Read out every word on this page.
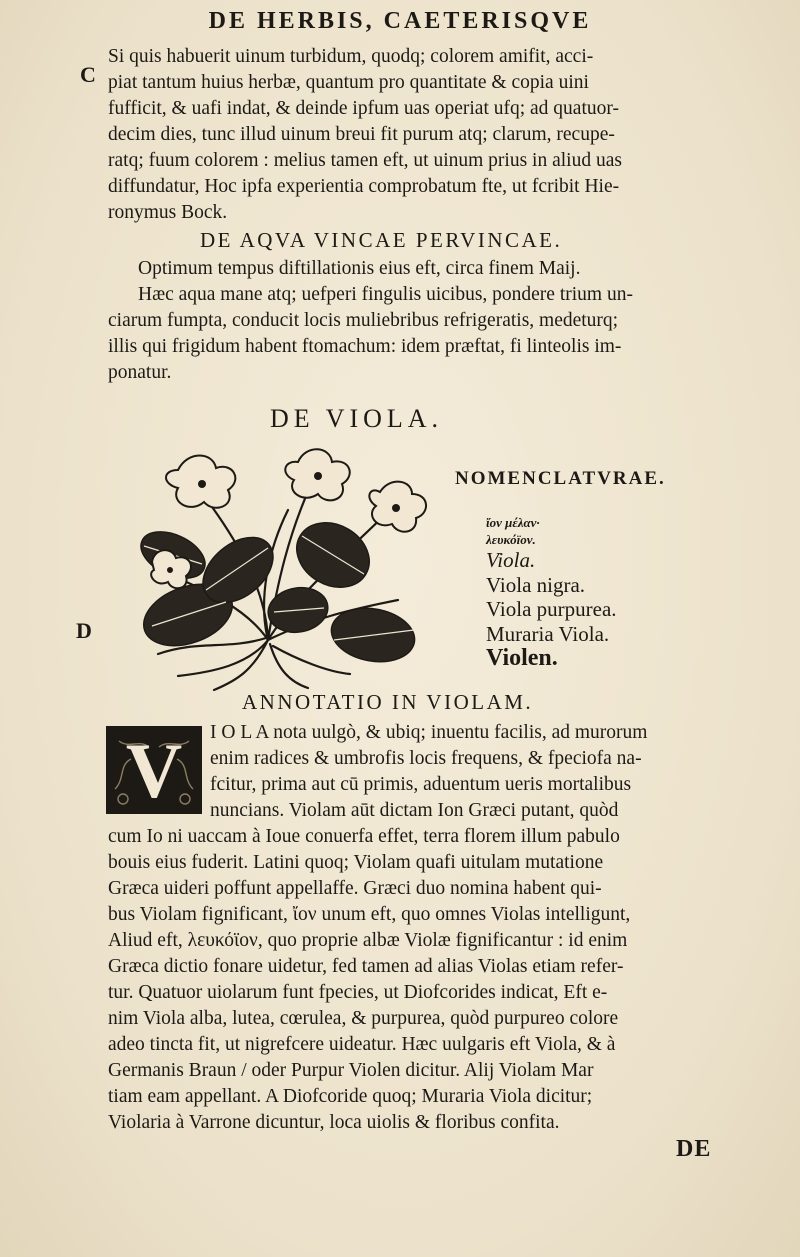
DE HERBIS, CAETERISQVE
C
Si quis habuerit uinum turbidum, quodq; colorem amifit, acci-
piat tantum huius herbæ, quantum pro quantitate & copia uini
fufficit, & uafi indat, & deinde ipfum uas operiat ufq; ad quatuor-
decim dies, tunc illud uinum breui fit purum atq; clarum, recupe-
ratq; fuum colorem : melius tamen eft, ut uinum prius in aliud uas
diffundatur, Hoc ipfa experientia comprobatum fte, ut fcribit Hie-
ronymus Bock.
DE AQVA VINCAE PERVINCAE.
Optimum tempus diftillationis eius eft, circa finem Maij.
Hæc aqua mane atq; uefperi fingulis uicibus, pondere trium un-
ciarum fumpta, conducit locis muliebribus refrigeratis, medeturq;
illis qui frigidum habent ftomachum: idem præftat, fi linteolis im-
ponatur.
DE VIOLA.
NOMENCLATVRAE.
ἴον μέλαν·
λευκόϊον.
Viola.
Viola nigra.
Viola purpurea.
Muraria Viola.
Violen.
D
ANNOTATIO IN VIOLAM.
V	I O L A nota uulgò, & ubiq; inuentu facilis, ad murorum
enim radices & umbrofis locis frequens, & fpeciofa na-
fcitur, prima aut cū primis, aduentum ueris mortalibus
nuncians. Violam aūt dictam Ion Græci putant, quòd
cum Io ni uaccam à Ioue conuerfa effet, terra florem illum pabulo
bouis eius fuderit. Latini quoq; Violam quafi uitulam mutatione
Græca uideri poffunt appellaffe. Græci duo nomina habent qui-
bus Violam fignificant, ἴον unum eft, quo omnes Violas intelligunt,
Aliud eft, λευκόϊον, quo proprie albæ Violæ fignificantur : id enim
Græca dictio fonare uidetur, fed tamen ad alias Violas etiam refer-
tur. Quatuor uiolarum funt fpecies, ut Diofcorides indicat, Eft e-
nim Viola alba, lutea, cœrulea, & purpurea, quòd purpureo colore
adeo tincta fit, ut nigrefcere uideatur. Hæc uulgaris eft Viola, & à
Germanis Braun / oder Purpur Violen dicitur. Alij Violam Mar
tiam eam appellant. A Diofcoride quoq; Muraria Viola dicitur;
Violaria à Varrone dicuntur, loca uiolis & floribus confita.
DE
